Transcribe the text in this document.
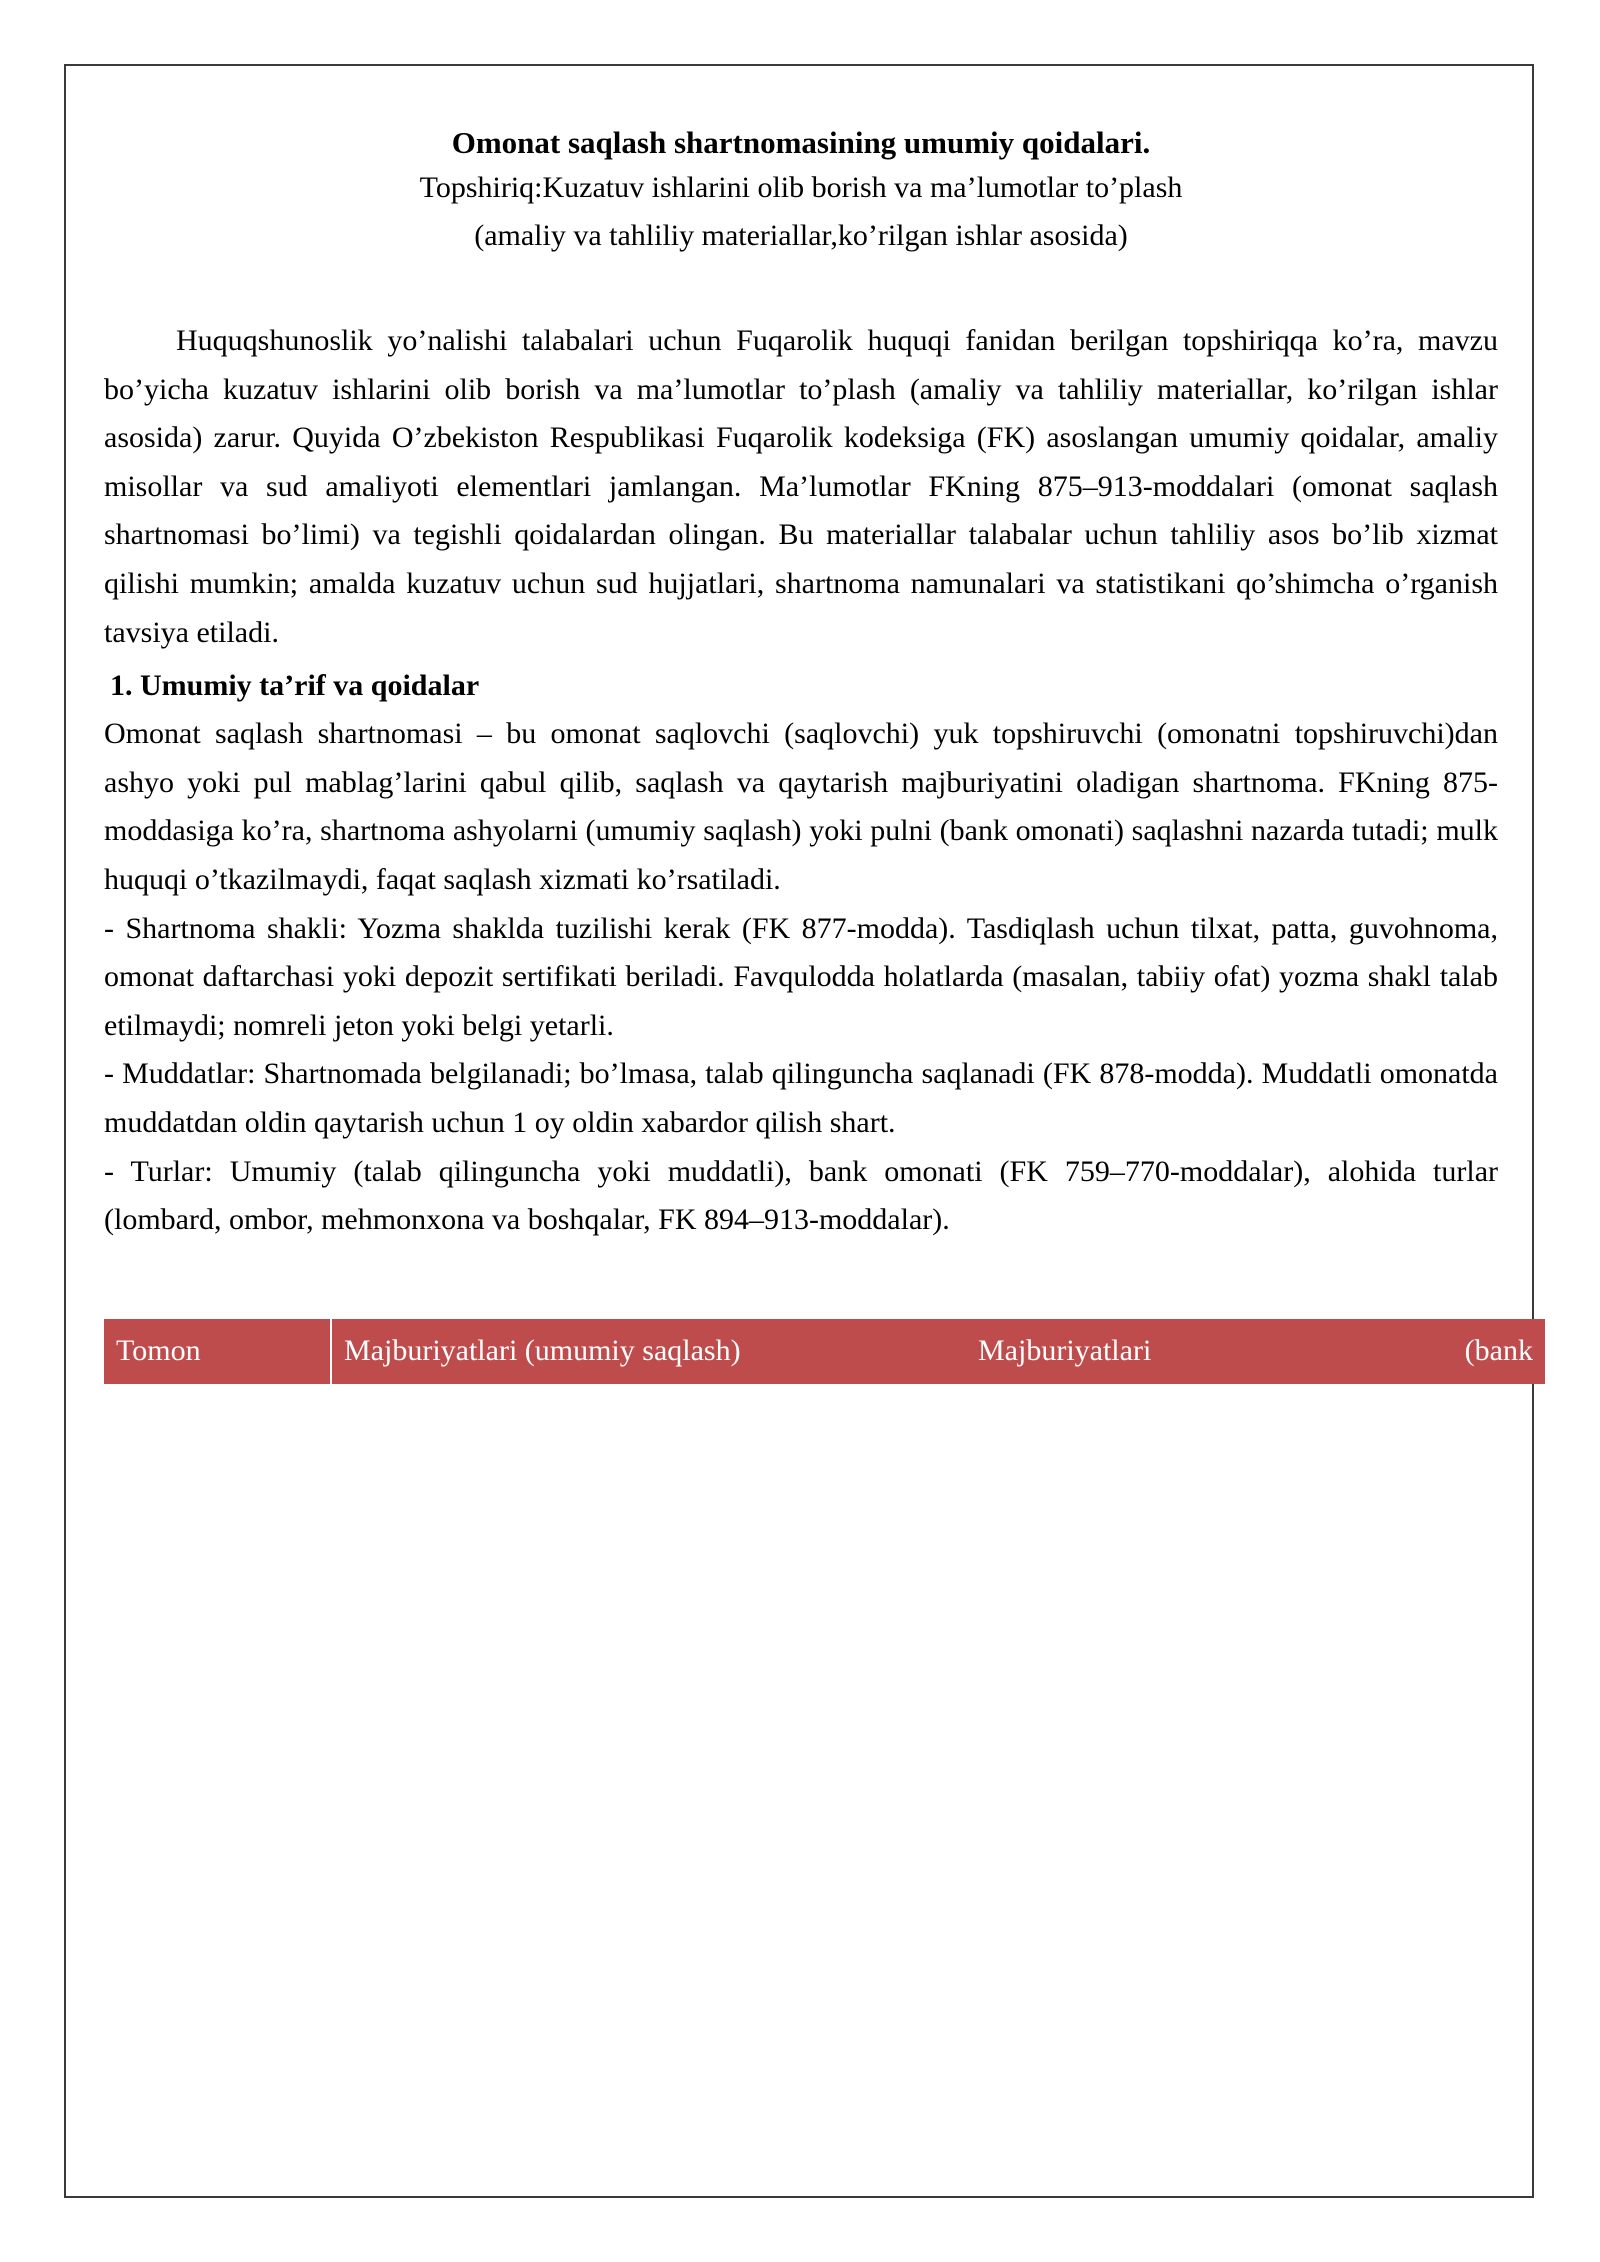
Omonat saqlash shartnomasining umumiy qoidalari.
Topshiriq:Kuzatuv ishlarini olib borish va ma’lumotlar to’plash
(amaliy va tahliliy materiallar,ko’rilgan ishlar asosida)

Huquqshunoslik yo’nalishi talabalari uchun Fuqarolik huquqi fanidan berilgan topshiriqqa ko’ra, mavzu bo’yicha kuzatuv ishlarini olib borish va ma’lumotlar to’plash (amaliy va tahliliy materiallar, ko’rilgan ishlar asosida) zarur. Quyida O’zbekiston Respublikasi Fuqarolik kodeksiga (FK) asoslangan umumiy qoidalar, amaliy misollar va sud amaliyoti elementlari jamlangan. Ma’lumotlar FKning 875–913-moddalari (omonat saqlash shartnomasi bo’limi) va tegishli qoidalardan olingan. Bu materiallar talabalar uchun tahliliy asos bo’lib xizmat qilishi mumkin; amalda kuzatuv uchun sud hujjatlari, shartnoma namunalari va statistikani qo’shimcha o’rganish tavsiya etiladi.

1. Umumiy ta’rif va qoidalar

Omonat saqlash shartnomasi – bu omonat saqlovchi (saqlovchi) yuk topshiruvchi (omonatni topshiruvchi)dan ashyo yoki pul mablag’larini qabul qilib, saqlash va qaytarish majburiyatini oladigan shartnoma. FKning 875-moddasiga ko’ra, shartnoma ashyolarni (umumiy saqlash) yoki pulni (bank omonati) saqlashni nazarda tutadi; mulk huquqi o’tkazilmaydi, faqat saqlash xizmati ko’rsatiladi.

- Shartnoma shakli: Yozma shaklda tuzilishi kerak (FK 877-modda). Tasdiqlash uchun tilxat, patta, guvohnoma, omonat daftarchasi yoki depozit sertifikati beriladi. Favqulodda holatlarda (masalan, tabiiy ofat) yozma shakl talab etilmaydi; nomreli jeton yoki belgi yetarli.

- Muddatlar: Shartnomada belgilanadi; bo’lmasa, talab qilinguncha saqlanadi (FK 878-modda). Muddatli omonatda muddatdan oldin qaytarish uchun 1 oy oldin xabardor qilish shart.

- Turlar: Umumiy (talab qilinguncha yoki muddatli), bank omonati (FK 759–770-moddalar), alohida turlar (lombard, ombor, mehmonxona va boshqalar, FK 894–913-moddalar).

Tomon	Majburiyatlari (umumiy saqlash)	Majburiyatlari (bank
